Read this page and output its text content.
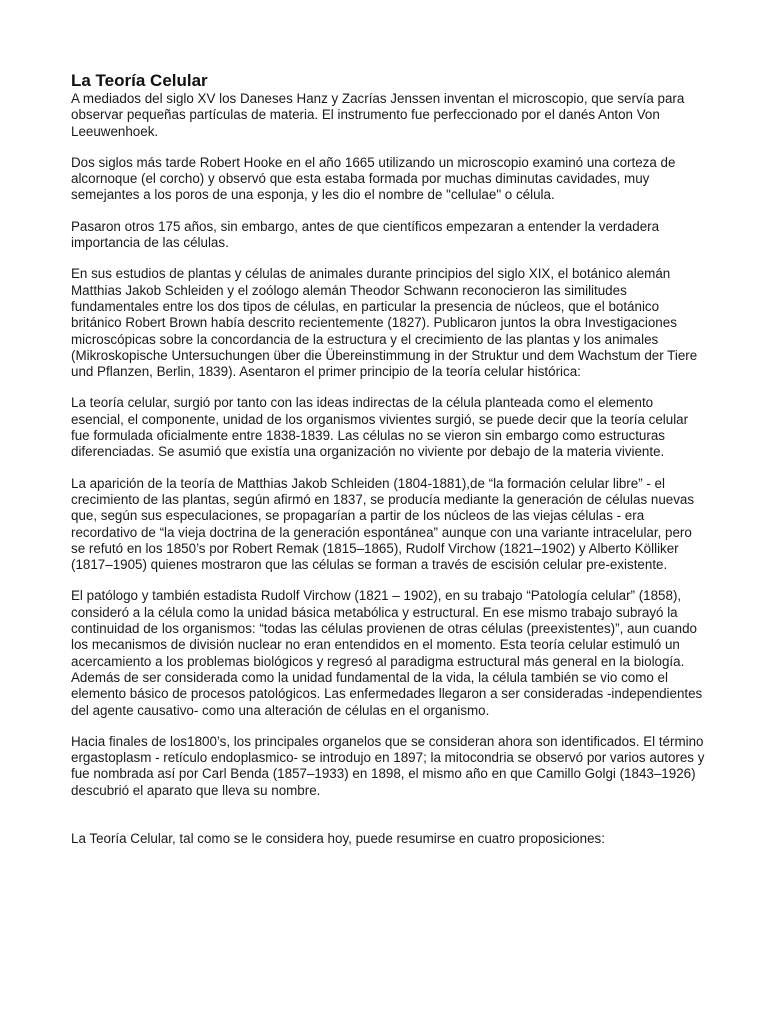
La Teoría Celular

A mediados del siglo XV los Daneses Hanz y Zacrías Jenssen inventan el microscopio, que servía para observar pequeñas partículas de materia. El instrumento fue perfeccionado por el danés Anton Von Leeuwenhoek.

Dos siglos más tarde Robert Hooke en el año 1665 utilizando un microscopio examinó una corteza de alcornoque (el corcho) y observó que esta estaba formada por muchas diminutas cavidades, muy semejantes a los poros de una esponja, y les dio el nombre de "cellulae" o célula.

Pasaron otros 175 años, sin embargo, antes de que científicos empezaran a entender la verdadera importancia de las células.

En sus estudios de plantas y células de animales durante principios del siglo XIX, el botánico alemán Matthias Jakob Schleiden y el zoólogo alemán Theodor Schwann reconocieron las similitudes fundamentales entre los dos tipos de células, en particular la presencia de núcleos, que el botánico británico Robert Brown había descrito recientemente (1827). Publicaron juntos la obra Investigaciones microscópicas sobre la concordancia de la estructura y el crecimiento de las plantas y los animales (Mikroskopische Untersuchungen über die Übereinstimmung in der Struktur und dem Wachstum der Tiere und Pflanzen, Berlin, 1839). Asentaron el primer principio de la teoría celular histórica:

La teoría celular, surgió por tanto con las ideas indirectas de la célula planteada como el elemento esencial, el componente, unidad de los organismos vivientes surgió, se puede decir que la teoría celular fue formulada oficialmente entre 1838-1839. Las células no se vieron sin embargo como estructuras diferenciadas. Se asumió que existía una organización no viviente por debajo de la materia viviente.

La aparición de la teoría de Matthias Jakob Schleiden (1804-1881),de “la formación celular libre” - el crecimiento de las plantas, según afirmó en 1837, se producía mediante la generación de células nuevas que, según sus especulaciones, se propagarían a partir de los núcleos de las viejas células - era recordativo de “la vieja doctrina de la generación espontánea” aunque con una variante intracelular, pero se refutó en los 1850’s por Robert Remak (1815–1865), Rudolf Virchow (1821–1902) y Alberto Kölliker (1817–1905) quienes mostraron que las células se forman a través de escisión celular pre-existente.

El patólogo y también estadista Rudolf Virchow (1821 – 1902), en su trabajo “Patología celular” (1858), consideró a la célula como la unidad básica metabólica y estructural. En ese mismo trabajo subrayó la continuidad de los organismos: “todas las células provienen de otras células (preexistentes)”, aun cuando los mecanismos de división nuclear no eran entendidos en el momento. Esta teoría celular estimuló un acercamiento a los problemas biológicos y regresó al paradigma estructural más general en la biología. Además de ser considerada como la unidad fundamental de la vida, la célula también se vio como el elemento básico de procesos patológicos. Las enfermedades llegaron a ser consideradas -independientes del agente causativo- como una alteración de células en el organismo.

Hacia finales de los1800’s, los principales organelos que se consideran ahora son identificados. El término ergastoplasm - retículo endoplasmico- se introdujo en 1897; la mitocondria se observó por varios autores y fue nombrada así por Carl Benda (1857–1933) en 1898, el mismo año en que Camillo Golgi (1843–1926) descubrió el aparato que lleva su nombre.

La Teoría Celular, tal como se le considera hoy, puede resumirse en cuatro proposiciones:
